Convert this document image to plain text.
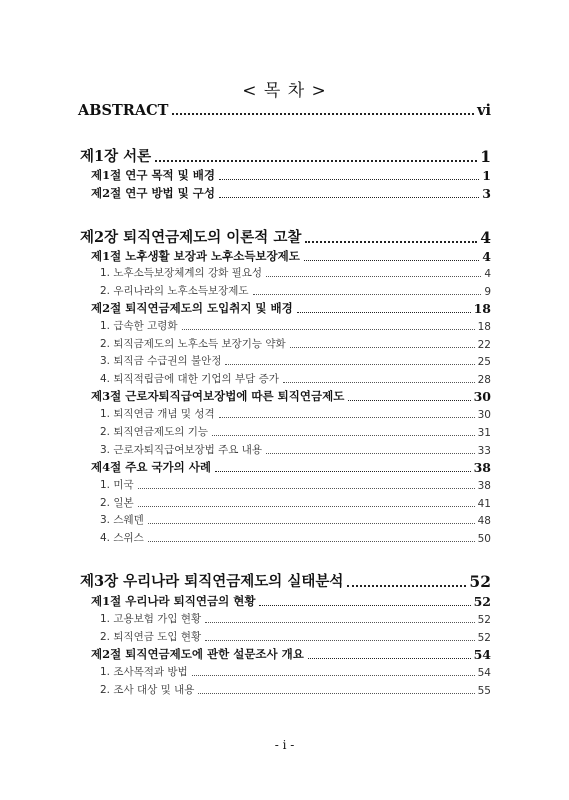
< 목 차 >
ABSTRACT	vi
제1장 서론	1
제1절 연구 목적 및 배경	1
제2절 연구 방법 및 구성	3
제2장 퇴직연금제도의 이론적 고찰	4
제1절 노후생활 보장과 노후소득보장제도	4
1. 노후소득보장체계의 강화 필요성	4
2. 우리나라의 노후소득보장제도	9
제2절 퇴직연금제도의 도입취지 및 배경	18
1. 급속한 고령화	18
2. 퇴직금제도의 노후소득 보장기능 약화	22
3. 퇴직금 수급권의 불안정	25
4. 퇴직적립금에 대한 기업의 부담 증가	28
제3절 근로자퇴직급여보장법에 따른 퇴직연금제도	30
1. 퇴직연금 개념 및 성격	30
2. 퇴직연금제도의 기능	31
3. 근로자퇴직급여보장법 주요 내용	33
제4절 주요 국가의 사례	38
1. 미국	38
2. 일본	41
3. 스웨덴	48
4. 스위스	50
제3장 우리나라 퇴직연금제도의 실태분석	52
제1절 우리나라 퇴직연금의 현황	52
1. 고용보험 가입 현황	52
2. 퇴직연금 도입 현황	52
제2절 퇴직연금제도에 관한 설문조사 개요	54
1. 조사목적과 방법	54
2. 조사 대상 및 내용	55
- i -
